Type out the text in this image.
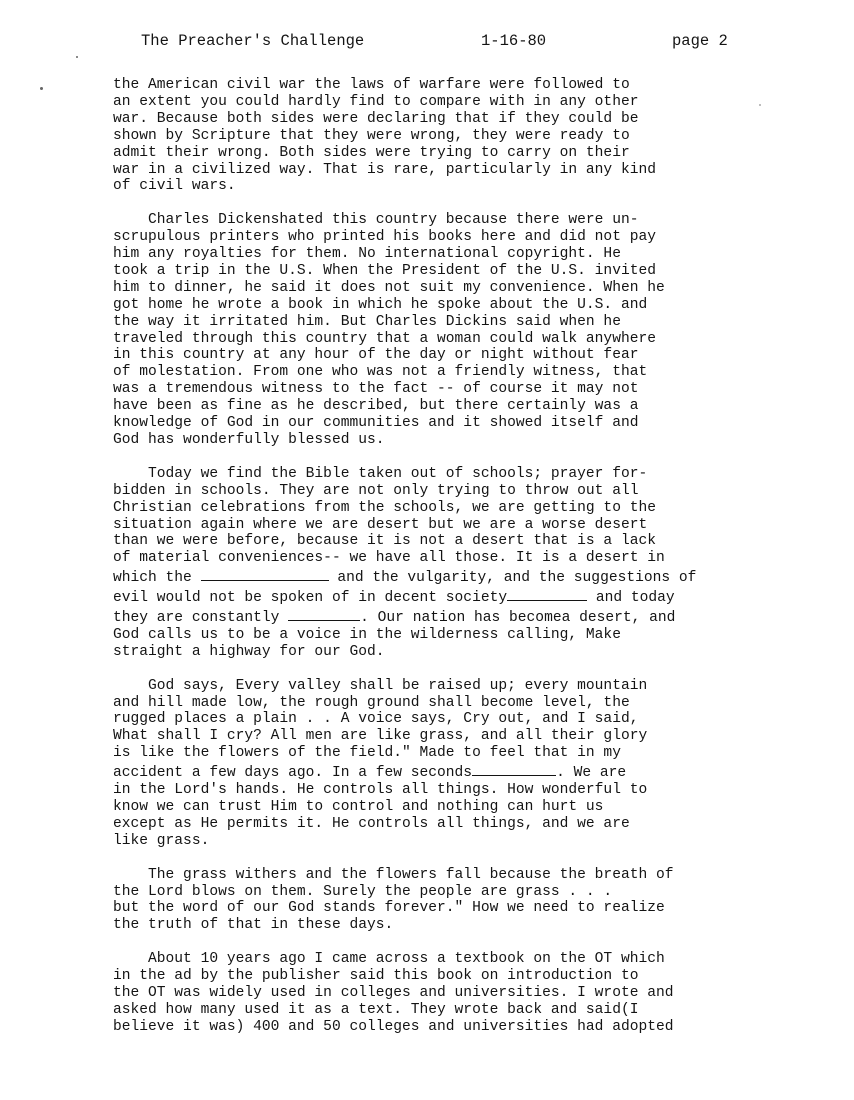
The Preacher's Challenge	1-16-80	page 2
the American civil war the laws of warfare were followed to
an extent you could hardly find to compare with in any other
war. Because both sides were declaring that if they could be
shown by Scripture that they were wrong, they were ready to
admit their wrong. Both sides were trying to carry on their
war in a civilized way. That is rare, particularly in any kind
of civil wars.
Charles Dickenshated this country because there were un-
scrupulous printers who printed his books here and did not pay
him any royalties for them. No international copyright. He
took a trip in the U.S. When the President of the U.S. invited
him to dinner, he said it does not suit my convenience. When he
got home he wrote a book in which he spoke about the U.S. and
the way it irritated him. But Charles Dickins said when he
traveled through this country that a woman could walk anywhere
in this country at any hour of the day or night without fear
of molestation. From one who was not a friendly witness, that
was a tremendous witness to the fact -- of course it may not
have been as fine as he described, but there certainly was a
knowledge of God in our communities and it showed itself and
God has wonderfully blessed us.
Today we find the Bible taken out of schools; prayer for-
bidden in schools. They are not only trying to throw out all
Christian celebrations from the schools, we are getting to the
situation again where we are desert but we are a worse desert
than we were before, because it is not a desert that is a lack
of material conveniences-- we have all those. It is a desert in
which the	and the vulgarity, and the suggestions of
evil would not be spoken of in decent society	and today
they are constantly	. Our nation has becomea desert, and
God calls us to be a voice in the wilderness calling, Make
straight a highway for our God.
God says, Every valley shall be raised up; every mountain
and hill made low, the rough ground shall become level, the
rugged places a plain . . A voice says, Cry out, and I said,
What shall I cry? All men are like grass, and all their glory
is like the flowers of the field." Made to feel that in my
accident a few days ago. In a few seconds	. We are
in the Lord's hands. He controls all things. How wonderful to
know we can trust Him to control and nothing can hurt us
except as He permits it. He controls all things, and we are
like grass.
The grass withers and the flowers fall because the breath of
the Lord blows on them. Surely the people are grass . . .
but the word of our God stands forever." How we need to realize
the truth of that in these days.
About 10 years ago I came across a textbook on the OT which
in the ad by the publisher said this book on introduction to
the OT was widely used in colleges and universities. I wrote and
asked how many used it as a text. They wrote back and said(I
believe it was) 400 and 50 colleges and universities had adopted
